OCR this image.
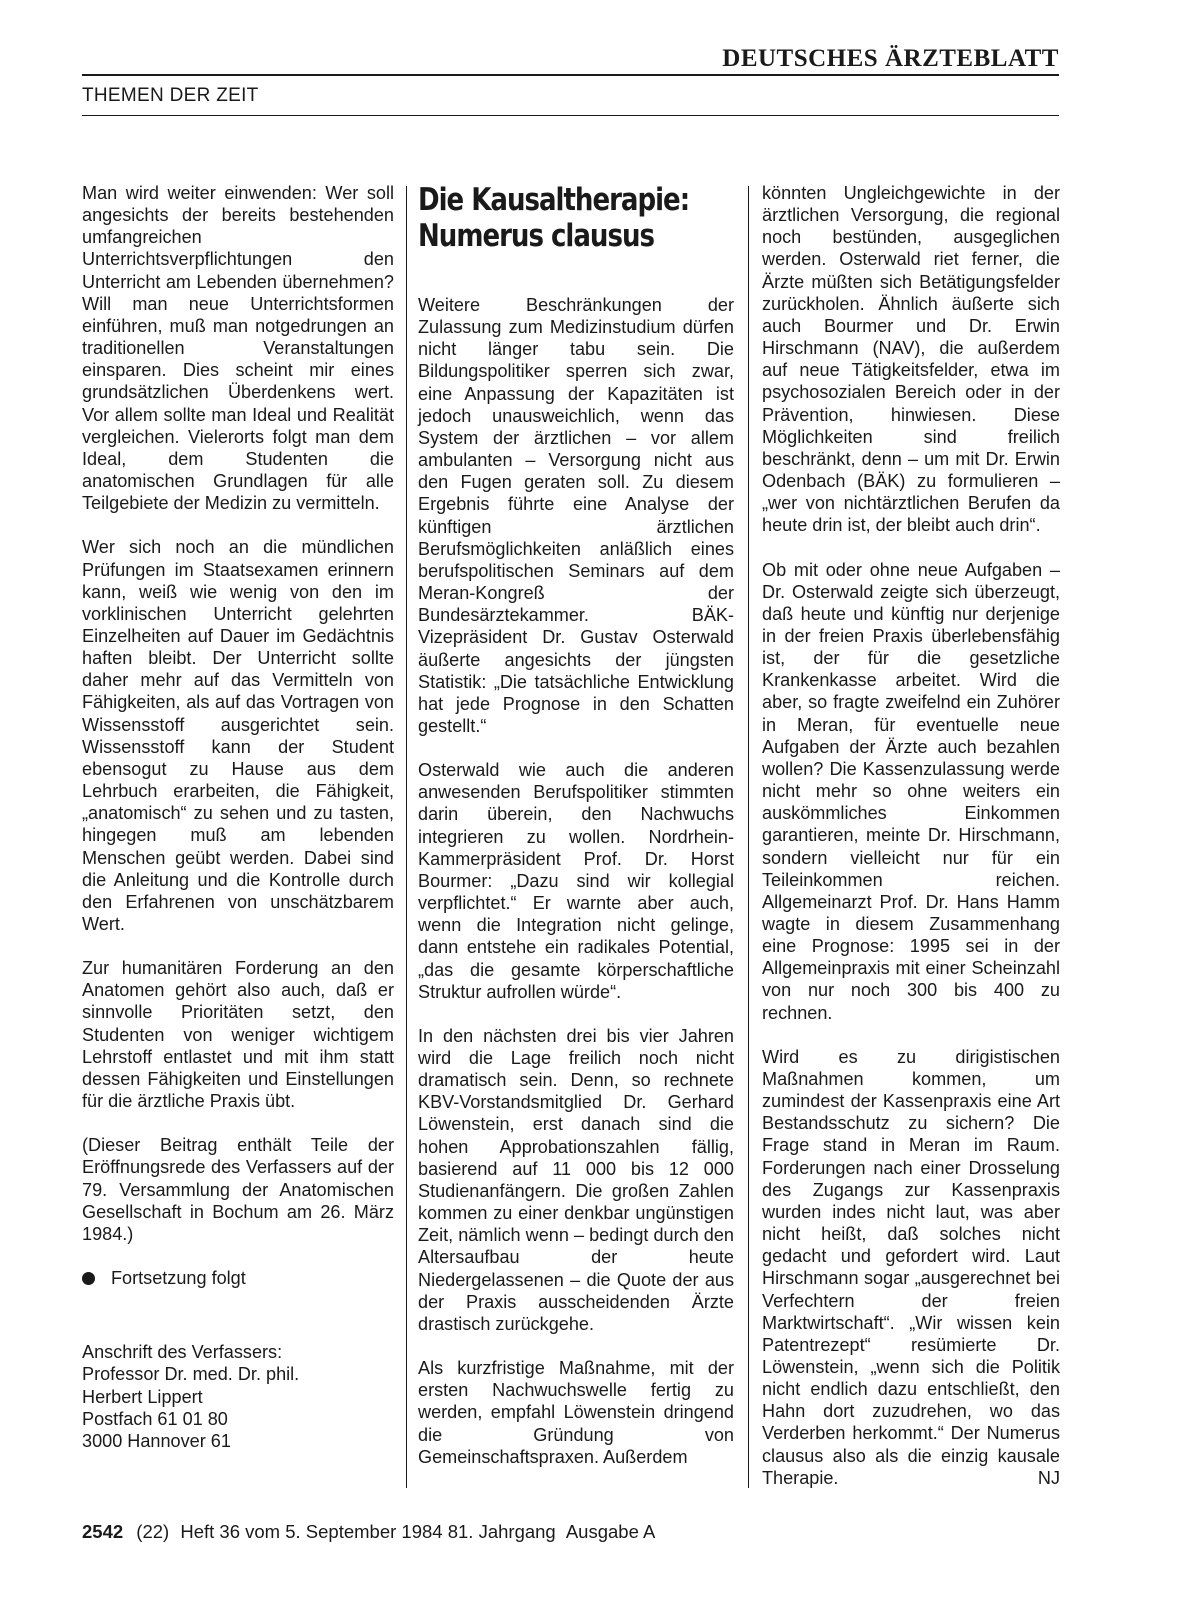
DEUTSCHES ÄRZTEBLATT
THEMEN DER ZEIT

Man wird weiter einwenden: Wer soll angesichts der bereits bestehenden umfangreichen Unterrichtsverpflichtungen den Unterricht am Lebenden übernehmen? Will man neue Unterrichtsformen einführen, muß man notgedrungen an traditionellen Veranstaltungen einsparen. Dies scheint mir eines grundsätzlichen Überdenkens wert. Vor allem sollte man Ideal und Realität vergleichen. Vielerorts folgt man dem Ideal, dem Studenten die anatomischen Grundlagen für alle Teilgebiete der Medizin zu vermitteln.

Wer sich noch an die mündlichen Prüfungen im Staatsexamen erinnern kann, weiß wie wenig von den im vorklinischen Unterricht gelehrten Einzelheiten auf Dauer im Gedächtnis haften bleibt. Der Unterricht sollte daher mehr auf das Vermitteln von Fähigkeiten, als auf das Vortragen von Wissensstoff ausgerichtet sein. Wissensstoff kann der Student ebensogut zu Hause aus dem Lehrbuch erarbeiten, die Fähigkeit, „anatomisch“ zu sehen und zu tasten, hingegen muß am lebenden Menschen geübt werden. Dabei sind die Anleitung und die Kontrolle durch den Erfahrenen von unschätzbarem Wert.

Zur humanitären Forderung an den Anatomen gehört also auch, daß er sinnvolle Prioritäten setzt, den Studenten von weniger wichtigem Lehrstoff entlastet und mit ihm statt dessen Fähigkeiten und Einstellungen für die ärztliche Praxis übt.

(Dieser Beitrag enthält Teile der Eröffnungsrede des Verfassers auf der 79. Versammlung der Anatomischen Gesellschaft in Bochum am 26. März 1984.)

Fortsetzung folgt

Anschrift des Verfassers:

Professor Dr. med. Dr. phil.

Herbert Lippert

Postfach 61 01 80

3000 Hannover 61

Die Kausaltherapie:
Numerus clausus

Weitere Beschränkungen der Zulassung zum Medizinstudium dürfen nicht länger tabu sein. Die Bildungspolitiker sperren sich zwar, eine Anpassung der Kapazitäten ist jedoch unausweichlich, wenn das System der ärztlichen – vor allem ambulanten – Versorgung nicht aus den Fugen geraten soll. Zu diesem Ergebnis führte eine Analyse der künftigen ärztlichen Berufsmöglichkeiten anläßlich eines berufspolitischen Seminars auf dem Meran-Kongreß der Bundesärztekammer. BÄK-Vizepräsident Dr. Gustav Osterwald äußerte angesichts der jüngsten Statistik: „Die tatsächliche Entwicklung hat jede Prognose in den Schatten gestellt.“

Osterwald wie auch die anderen anwesenden Berufspolitiker stimmten darin überein, den Nachwuchs integrieren zu wollen. Nordrhein-Kammerpräsident Prof. Dr. Horst Bourmer: „Dazu sind wir kollegial verpflichtet.“ Er warnte aber auch, wenn die Integration nicht gelinge, dann entstehe ein radikales Potential, „das die gesamte körperschaftliche Struktur aufrollen würde“.

In den nächsten drei bis vier Jahren wird die Lage freilich noch nicht dramatisch sein. Denn, so rechnete KBV-Vorstandsmitglied Dr. Gerhard Löwenstein, erst danach sind die hohen Approbationszahlen fällig, basierend auf 11 000 bis 12 000 Studienanfängern. Die großen Zahlen kommen zu einer denkbar ungünstigen Zeit, nämlich wenn – bedingt durch den Altersaufbau der heute Niedergelassenen – die Quote der aus der Praxis ausscheidenden Ärzte drastisch zurückgehe.

Als kurzfristige Maßnahme, mit der ersten Nachwuchswelle fertig zu werden, empfahl Löwenstein dringend die Gründung von Gemeinschaftspraxen. Außerdem

könnten Ungleichgewichte in der ärztlichen Versorgung, die regional noch bestünden, ausgeglichen werden. Osterwald riet ferner, die Ärzte müßten sich Betätigungsfelder zurückholen. Ähnlich äußerte sich auch Bourmer und Dr. Erwin Hirschmann (NAV), die außerdem auf neue Tätigkeitsfelder, etwa im psychosozialen Bereich oder in der Prävention, hinwiesen. Diese Möglichkeiten sind freilich beschränkt, denn – um mit Dr. Erwin Odenbach (BÄK) zu formulieren – „wer von nichtärztlichen Berufen da heute drin ist, der bleibt auch drin“.

Ob mit oder ohne neue Aufgaben – Dr. Osterwald zeigte sich überzeugt, daß heute und künftig nur derjenige in der freien Praxis überlebensfähig ist, der für die gesetzliche Krankenkasse arbeitet. Wird die aber, so fragte zweifelnd ein Zuhörer in Meran, für eventuelle neue Aufgaben der Ärzte auch bezahlen wollen? Die Kassenzulassung werde nicht mehr so ohne weiters ein auskömmliches Einkommen garantieren, meinte Dr. Hirschmann, sondern vielleicht nur für ein Teileinkommen reichen. Allgemeinarzt Prof. Dr. Hans Hamm wagte in diesem Zusammenhang eine Prognose: 1995 sei in der Allgemeinpraxis mit einer Scheinzahl von nur noch 300 bis 400 zu rechnen.

Wird es zu dirigistischen Maßnahmen kommen, um zumindest der Kassenpraxis eine Art Bestandsschutz zu sichern? Die Frage stand in Meran im Raum. Forderungen nach einer Drosselung des Zugangs zur Kassenpraxis wurden indes nicht laut, was aber nicht heißt, daß solches nicht gedacht und gefordert wird. Laut Hirschmann sogar „ausgerechnet bei Verfechtern der freien Marktwirtschaft“. „Wir wissen kein Patentrezept“ resümierte Dr. Löwenstein, „wenn sich die Politik nicht endlich dazu entschließt, den Hahn dort zuzudrehen, wo das Verderben herkommt.“ Der Numerus clausus also als die einzig kausale Therapie.	NJ

2542 (22) Heft 36 vom 5. September 1984 81. Jahrgang Ausgabe A
